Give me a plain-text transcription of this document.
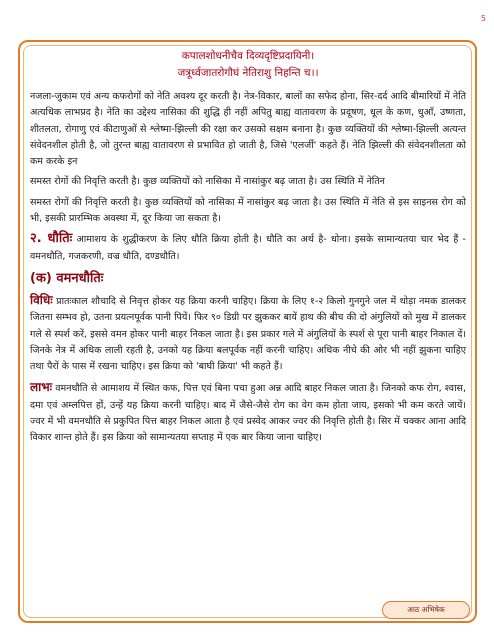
5
कपालशोधनीचैव दिव्यदृष्टिप्रदायिनी।
जत्रूर्ध्वजातरोगौघं नेतिराशु निहन्ति च।।

नजला-जुकाम एवं अन्य कफरोगों को नेति अवश्य दूर करती है। नेत्र-विकार, बालों का सफेद होना, सिर-दर्द आदि बीमारियों में नेति अत्यधिक लाभप्रद है। नेति का उद्देश्य नासिका की शुद्धि ही नहीं अपितु बाह्य वातावरण के प्रदूषण, धूल के कण, धुआँ, उष्णता, शीतलता, रोगाणु एवं कीटाणुओं से श्लेष्मा-झिल्ली की रक्षा कर उसको सक्षम बनाना है। कुछ व्यक्तियों की श्लेष्मा-झिल्ली अत्यन्त संवेदनशील होती है, जो तुरन्त बाह्य वातावरण से प्रभावित हो जाती है, जिसे 'एलर्जी' कहते हैं। नेति झिल्ली की संवेदनशीलता को कम करके इन

समस्त रोगों की निवृत्ति करती है। कुछ व्यक्तियों को नासिका में नासांकुर बढ़ जाता है। उस स्थिति में नेतिन

समस्त रोगों की निवृत्ति करती है। कुछ व्यक्तियों को नासिका में नासांकुर बढ़ जाता है। उस स्थिति में नेति से इस साइनस रोग को भी, इसकी प्रारम्भिक अवस्था में, दूर किया जा सकता है।

२. धौतिः आमाशय के शुद्धीकरण के लिए धौति क्रिया होती है। धौति का अर्थ है- धोना। इसके सामान्यतया चार भेद हैं - वमनधौति, गजकरणी, वज्र धौति, दण्डधौति।

(क) वमनधौतिः

विधिः प्रातःकाल शौचादि से निवृत्त होकर यह क्रिया करनी चाहिए। क्रिया के लिए १-२ किलो गुनगुने जल में थोड़ा नमक डालकर जितना सम्भव हो, उतना प्रयत्नपूर्वक पानी पियें। फिर ९० डिग्री पर झुककर बायें हाथ की बीच की दो अंगुलियों को मुख में डालकर गले से स्पर्श करें, इससे वमन होकर पानी बाहर निकल जाता है। इस प्रकार गले में अंगुलियों के स्पर्श से पूरा पानी बाहर निकाल दें। जिनके नेत्र में अधिक लाली रहती है, उनको यह क्रिया बलपूर्वक नहीं करनी चाहिए। अधिक नीचे की ओर भी नहीं झुकना चाहिए तथा पैरों के पास में रखना चाहिए। इस क्रिया को 'बाघी क्रिया' भी कहते हैं।

लाभः वमनधौति से आमाशय में स्थित कफ, पित्त एवं बिना पचा हुआ अन्न आदि बाहर निकल जाता है। जिनको कफ रोग, श्वास, दमा एवं अम्लपित्त हों, उन्हें यह क्रिया करनी चाहिए। बाद में जैसे-जैसे रोग का वेग कम होता जाय, इसको भी कम करते जायें। ज्वर में भी वमनधौति से प्रकुपित पित्त बाहर निकल आता है एवं प्रस्वेद आकर ज्वर की निवृत्ति होती है। सिर में चक्कर आना आदि विकार शान्त होते हैं। इस क्रिया को सामान्यतया सप्ताह में एक बार किया जाना चाहिए।

आठ अभिषेक
